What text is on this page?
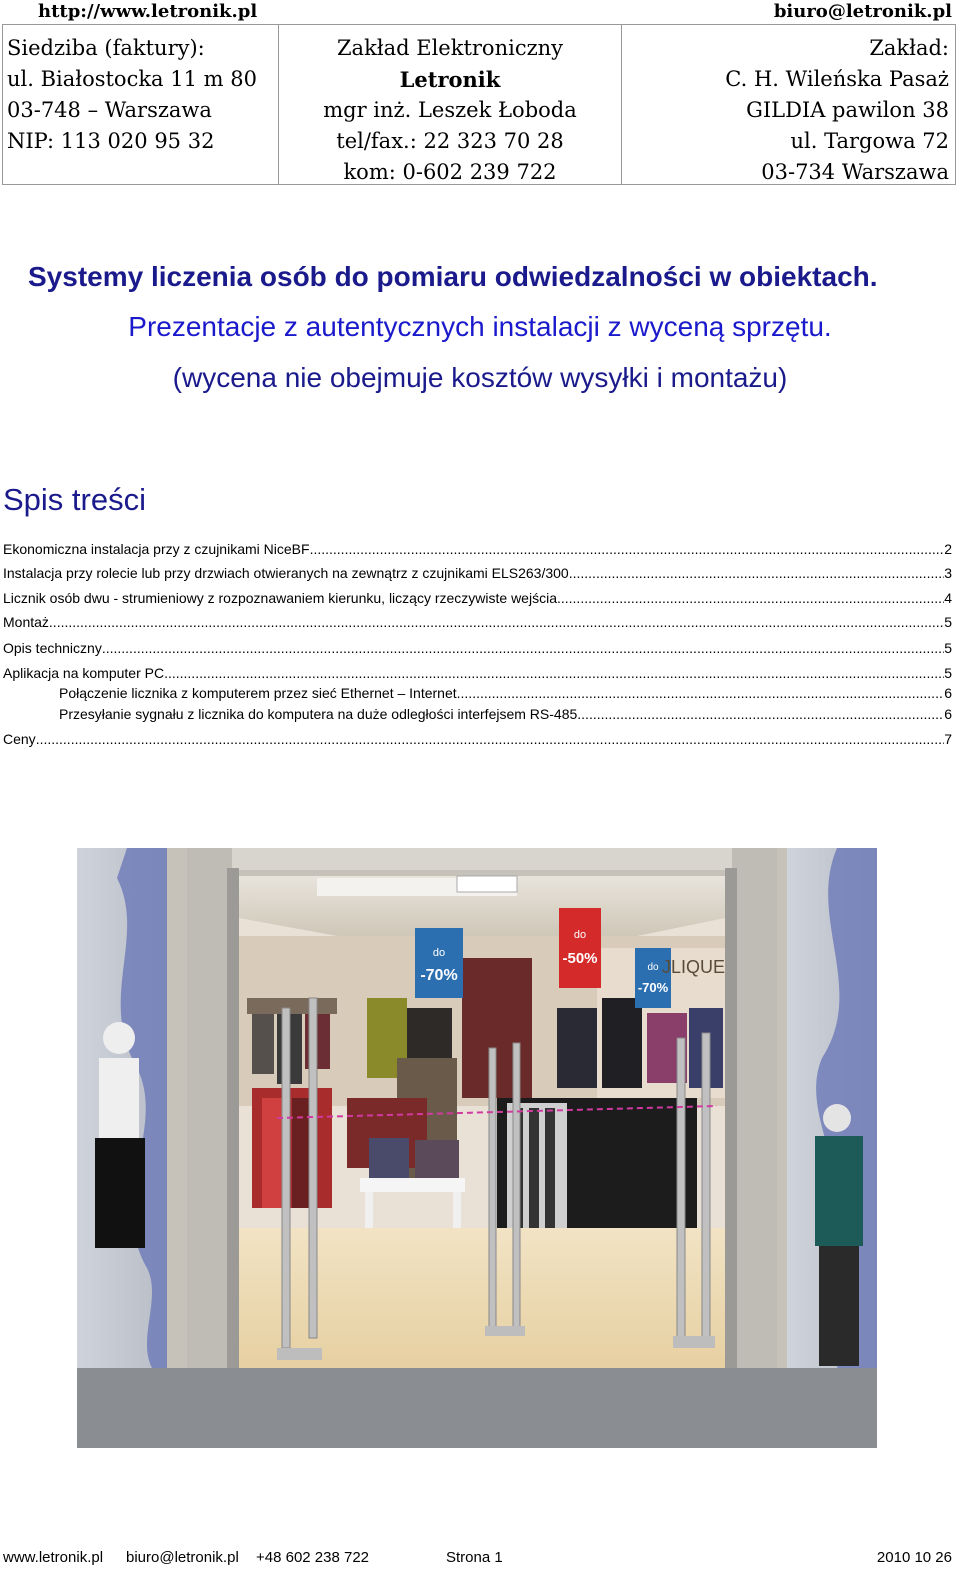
http://www.letronik.pl	biuro@letronik.pl
Siedziba (faktury):
ul. Białostocka 11 m 80
03-748 – Warszawa
NIP: 113 020 95 32
Zakład Elektroniczny
Letronik
mgr inż. Leszek Łoboda
tel/fax.: 22 323 70 28
kom: 0-602 239 722
Zakład:
C. H. Wileńska Pasaż
GILDIA pawilon 38
ul. Targowa 72
03-734 Warszawa
Systemy liczenia osób do pomiaru odwiedzalności w obiektach.
Prezentacje z autentycznych instalacji z wyceną sprzętu.
(wycena nie obejmuje kosztów wysyłki i montażu)
Spis treści
Ekonomiczna instalacja przy z czujnikami NiceBF .....	2
Instalacja przy rolecie lub przy drzwiach otwieranych na zewnątrz z czujnikami ELS263/300 .....	3
Licznik osób dwu - strumieniowy z rozpoznawaniem kierunku, liczący rzeczywiste wejścia .....	4
Montaż .....	5
Opis techniczny .....	5
Aplikacja na komputer PC .....	5
Połączenie licznika z komputerem przez sieć Ethernet – Internet .....	6
Przesyłanie sygnału z licznika do komputera na duże odległości interfejsem RS-485 .....	6
Ceny .....	7
do
-70%
do
-50%
do
-70%
JLIQUE
www.letronik.pl biuro@letronik.pl +48 602 238 722	Strona 1	2010 10 26
